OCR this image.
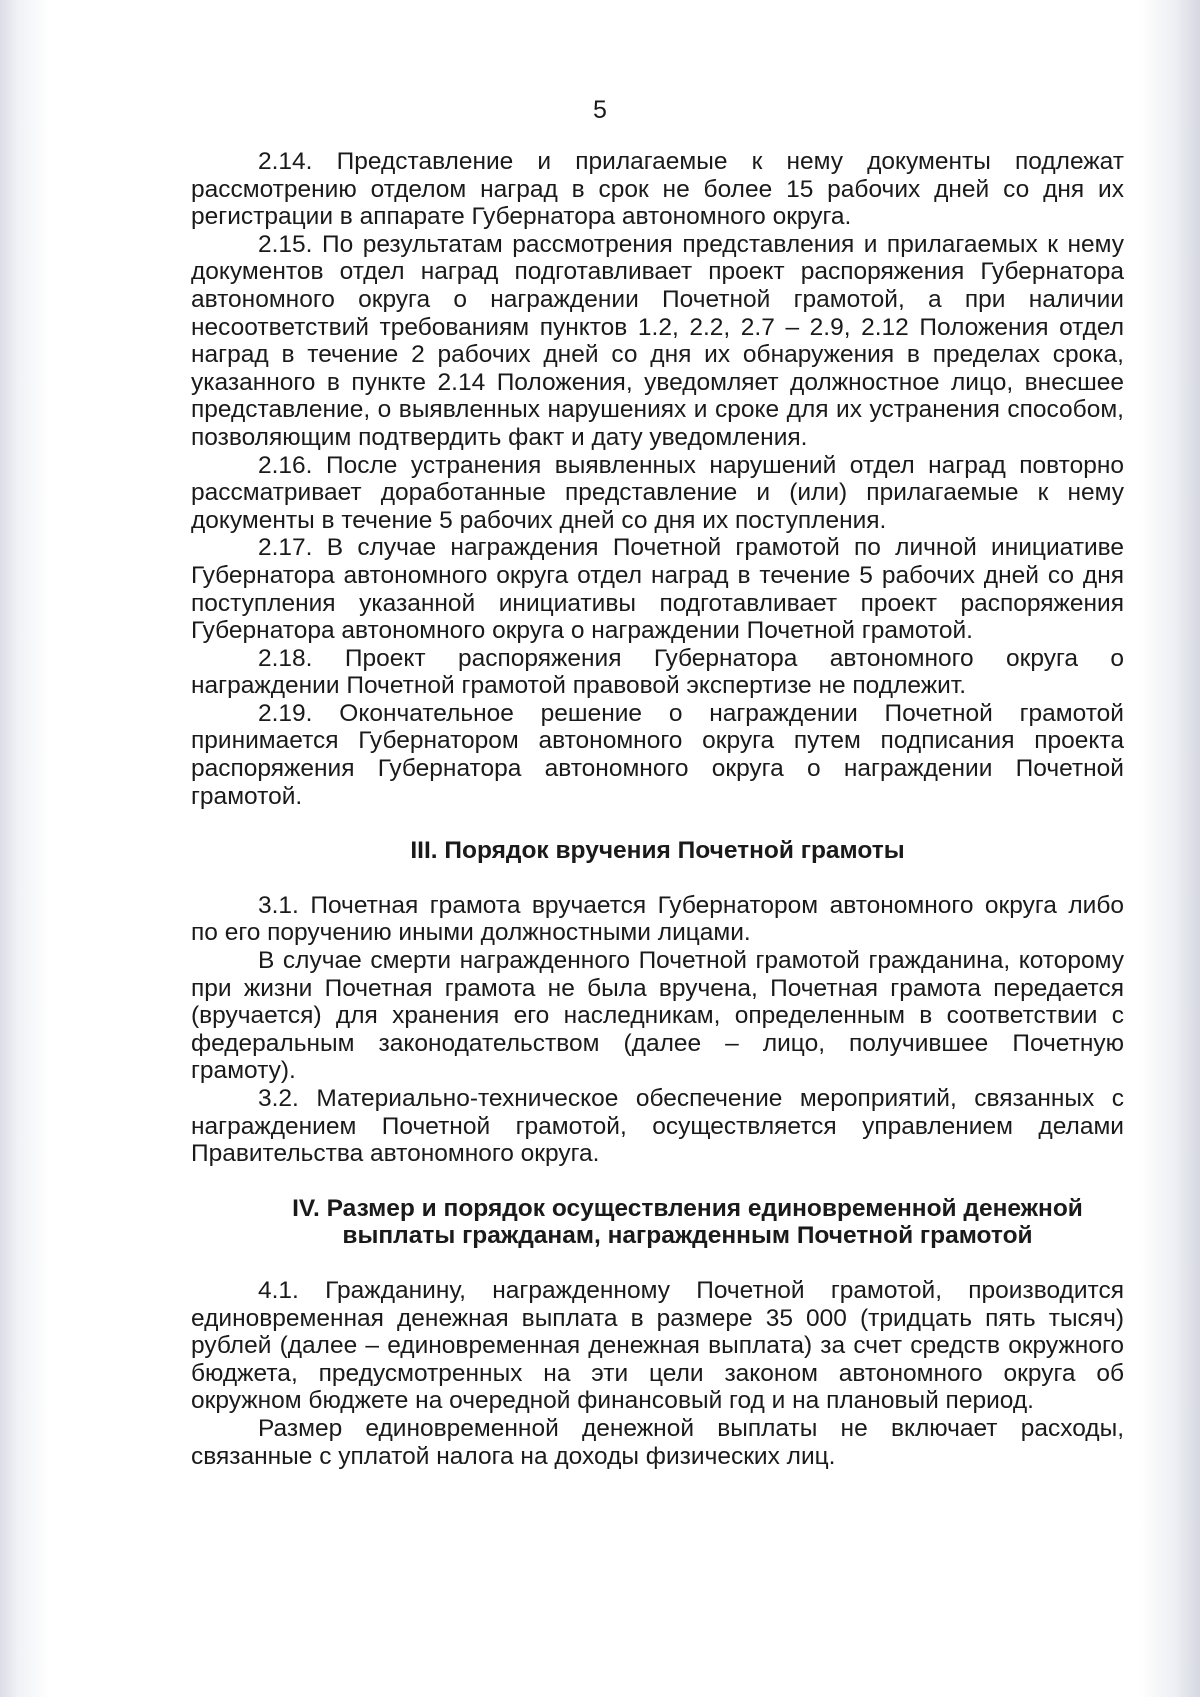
5

2.14. Представление и прилагаемые к нему документы подлежат рассмотрению отделом наград в срок не более 15 рабочих дней со дня их регистрации в аппарате Губернатора автономного округа.

2.15. По результатам рассмотрения представления и прилагаемых к нему документов отдел наград подготавливает проект распоряжения Губернатора автономного округа о награждении Почетной грамотой, а при наличии несоответствий требованиям пунктов 1.2, 2.2, 2.7 – 2.9, 2.12 Положения отдел наград в течение 2 рабочих дней со дня их обнаружения в пределах срока, указанного в пункте 2.14 Положения, уведомляет должностное лицо, внесшее представление, о выявленных нарушениях и сроке для их устранения способом, позволяющим подтвердить факт и дату уведомления.

2.16. После устранения выявленных нарушений отдел наград повторно рассматривает доработанные представление и (или) прилагаемые к нему документы в течение 5 рабочих дней со дня их поступления.

2.17. В случае награждения Почетной грамотой по личной инициативе Губернатора автономного округа отдел наград в течение 5 рабочих дней со дня поступления указанной инициативы подготавливает проект распоряжения Губернатора автономного округа о награждении Почетной грамотой.

2.18. Проект распоряжения Губернатора автономного округа о награждении Почетной грамотой правовой экспертизе не подлежит.

2.19. Окончательное решение о награждении Почетной грамотой принимается Губернатором автономного округа путем подписания проекта распоряжения Губернатора автономного округа о награждении Почетной грамотой.

III. Порядок вручения Почетной грамоты

3.1. Почетная грамота вручается Губернатором автономного округа либо по его поручению иными должностными лицами.

В случае смерти награжденного Почетной грамотой гражданина, которому при жизни Почетная грамота не была вручена, Почетная грамота передается (вручается) для хранения его наследникам, определенным в соответствии с федеральным законодательством (далее – лицо, получившее Почетную грамоту).

3.2. Материально-техническое обеспечение мероприятий, связанных с награждением Почетной грамотой, осуществляется управлением делами Правительства автономного округа.

IV. Размер и порядок осуществления единовременной денежной
выплаты гражданам, награжденным Почетной грамотой

4.1. Гражданину, награжденному Почетной грамотой, производится единовременная денежная выплата в размере 35 000 (тридцать пять тысяч) рублей (далее – единовременная денежная выплата) за счет средств окружного бюджета, предусмотренных на эти цели законом автономного округа об окружном бюджете на очередной финансовый год и на плановый период.

Размер единовременной денежной выплаты не включает расходы, связанные с уплатой налога на доходы физических лиц.
